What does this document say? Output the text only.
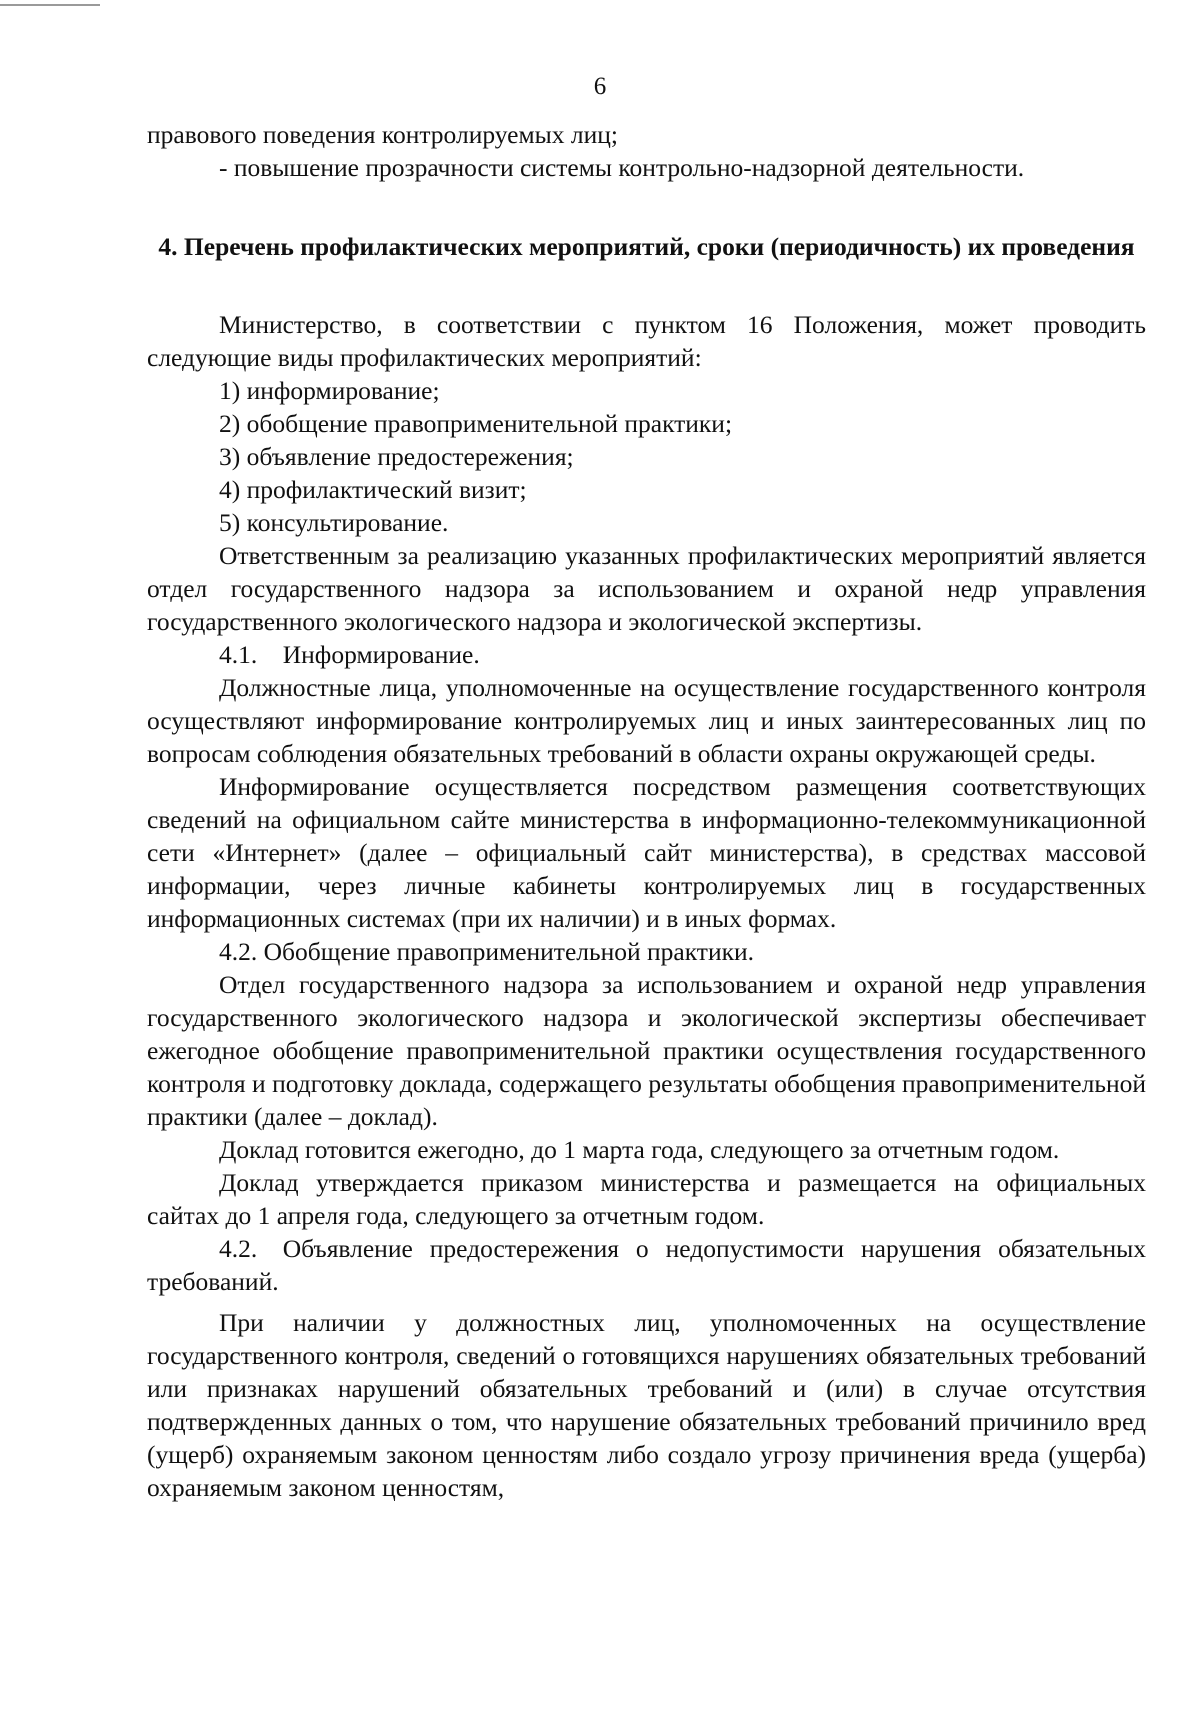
6

правового поведения контролируемых лиц;

- повышение прозрачности системы контрольно-надзорной деятельности.

4. Перечень профилактических мероприятий, сроки (периодичность) их проведения

Министерство, в соответствии с пунктом 16 Положения, может проводить следующие виды профилактических мероприятий:

1) информирование;

2) обобщение правоприменительной практики;

3) объявление предостережения;

4) профилактический визит;

5) консультирование.

Ответственным за реализацию указанных профилактических мероприятий является отдел государственного надзора за использованием и охраной недр управления государственного экологического надзора и экологической экспертизы.

4.1. Информирование.

Должностные лица, уполномоченные на осуществление государственного контроля осуществляют информирование контролируемых лиц и иных заинтересованных лиц по вопросам соблюдения обязательных требований в области охраны окружающей среды.

Информирование осуществляется посредством размещения соответствующих сведений на официальном сайте министерства в информационно-телекоммуникационной сети «Интернет» (далее – официальный сайт министерства), в средствах массовой информации, через личные кабинеты контролируемых лиц в государственных информационных системах (при их наличии) и в иных формах.

4.2. Обобщение правоприменительной практики.

Отдел государственного надзора за использованием и охраной недр управления государственного экологического надзора и экологической экспертизы обеспечивает ежегодное обобщение правоприменительной практики осуществления государственного контроля и подготовку доклада, содержащего результаты обобщения правоприменительной практики (далее – доклад).

Доклад готовится ежегодно, до 1 марта года, следующего за отчетным годом.

Доклад утверждается приказом министерства и размещается на официальных сайтах до 1 апреля года, следующего за отчетным годом.

4.2. Объявление предостережения о недопустимости нарушения обязательных требований.

При наличии у должностных лиц, уполномоченных на осуществление государственного контроля, сведений о готовящихся нарушениях обязательных требований или признаках нарушений обязательных требований и (или) в случае отсутствия подтвержденных данных о том, что нарушение обязательных требований причинило вред (ущерб) охраняемым законом ценностям либо создало угрозу причинения вреда (ущерба) охраняемым законом ценностям,
